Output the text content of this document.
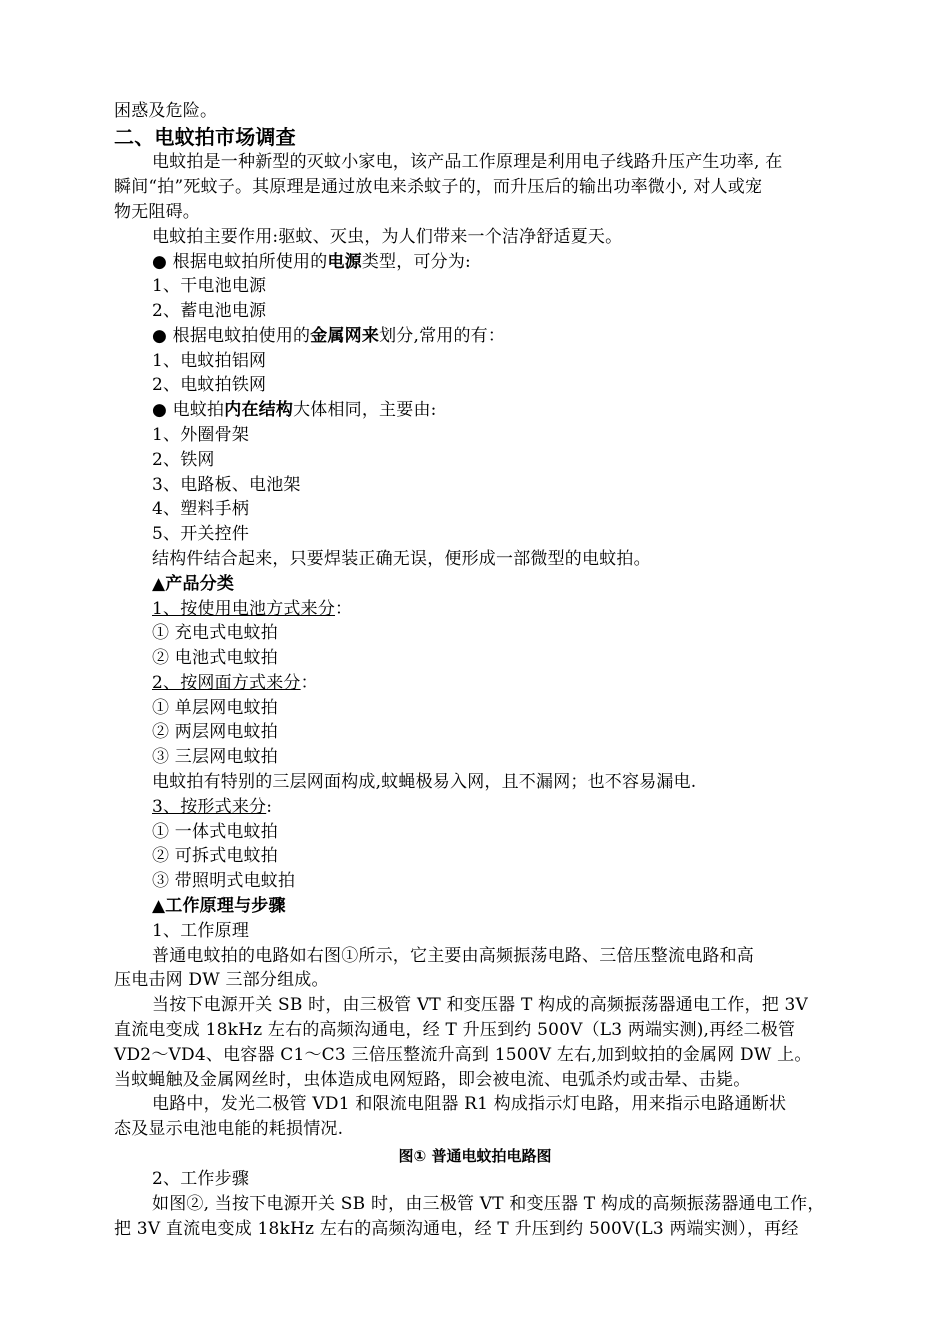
困惑及危险。
二、电蚊拍市场调查
电蚊拍是一种新型的灭蚊小家电，该产品工作原理是利用电子线路升压产生功率, 在
瞬间“拍”死蚊子。其原理是通过放电来杀蚊子的，而升压后的输出功率微小, 对人或宠
物无阻碍。
电蚊拍主要作用:驱蚊、灭虫，为人们带来一个洁净舒适夏天。
● 根据电蚊拍所使用的电源类型，可分为:
1、干电池电源
2、蓄电池电源
● 根据电蚊拍使用的金属网来划分,常用的有：
1、电蚊拍铝网
2、电蚊拍铁网
● 电蚊拍内在结构大体相同，主要由:
1、外圈骨架
2、铁网
3、电路板、电池架
4、塑料手柄
5、开关控件
结构件结合起来，只要焊装正确无误，便形成一部微型的电蚊拍。
▲产品分类
1、按使用电池方式来分：
① 充电式电蚊拍
② 电池式电蚊拍
2、按网面方式来分：
① 单层网电蚊拍
② 两层网电蚊拍
③ 三层网电蚊拍
电蚊拍有特别的三层网面构成,蚊蝇极易入网，且不漏网；也不容易漏电.
3、按形式来分:
① 一体式电蚊拍
② 可拆式电蚊拍
③ 带照明式电蚊拍
▲工作原理与步骤
1、工作原理
普通电蚊拍的电路如右图①所示，它主要由高频振荡电路、三倍压整流电路和高
压电击网 DW 三部分组成。
当按下电源开关 SB 时，由三极管 VT 和变压器 T 构成的高频振荡器通电工作，把 3V
直流电变成 18kHz 左右的高频沟通电，经 T 升压到约 500V（L3 两端实测),再经二极管
VD2～VD4、电容器 C1～C3 三倍压整流升高到 1500V 左右,加到蚊拍的金属网 DW 上。
当蚊蝇触及金属网丝时，虫体造成电网短路，即会被电流、电弧杀灼或击晕、击毙。
电路中，发光二极管 VD1 和限流电阻器 R1 构成指示灯电路，用来指示电路通断状
态及显示电池电能的耗损情况.
图① 普通电蚊拍电路图
2、工作步骤
如图②, 当按下电源开关 SB 时，由三极管 VT 和变压器 T 构成的高频振荡器通电工作，
把 3V 直流电变成 18kHz 左右的高频沟通电，经 T 升压到约 500V(L3 两端实测），再经
